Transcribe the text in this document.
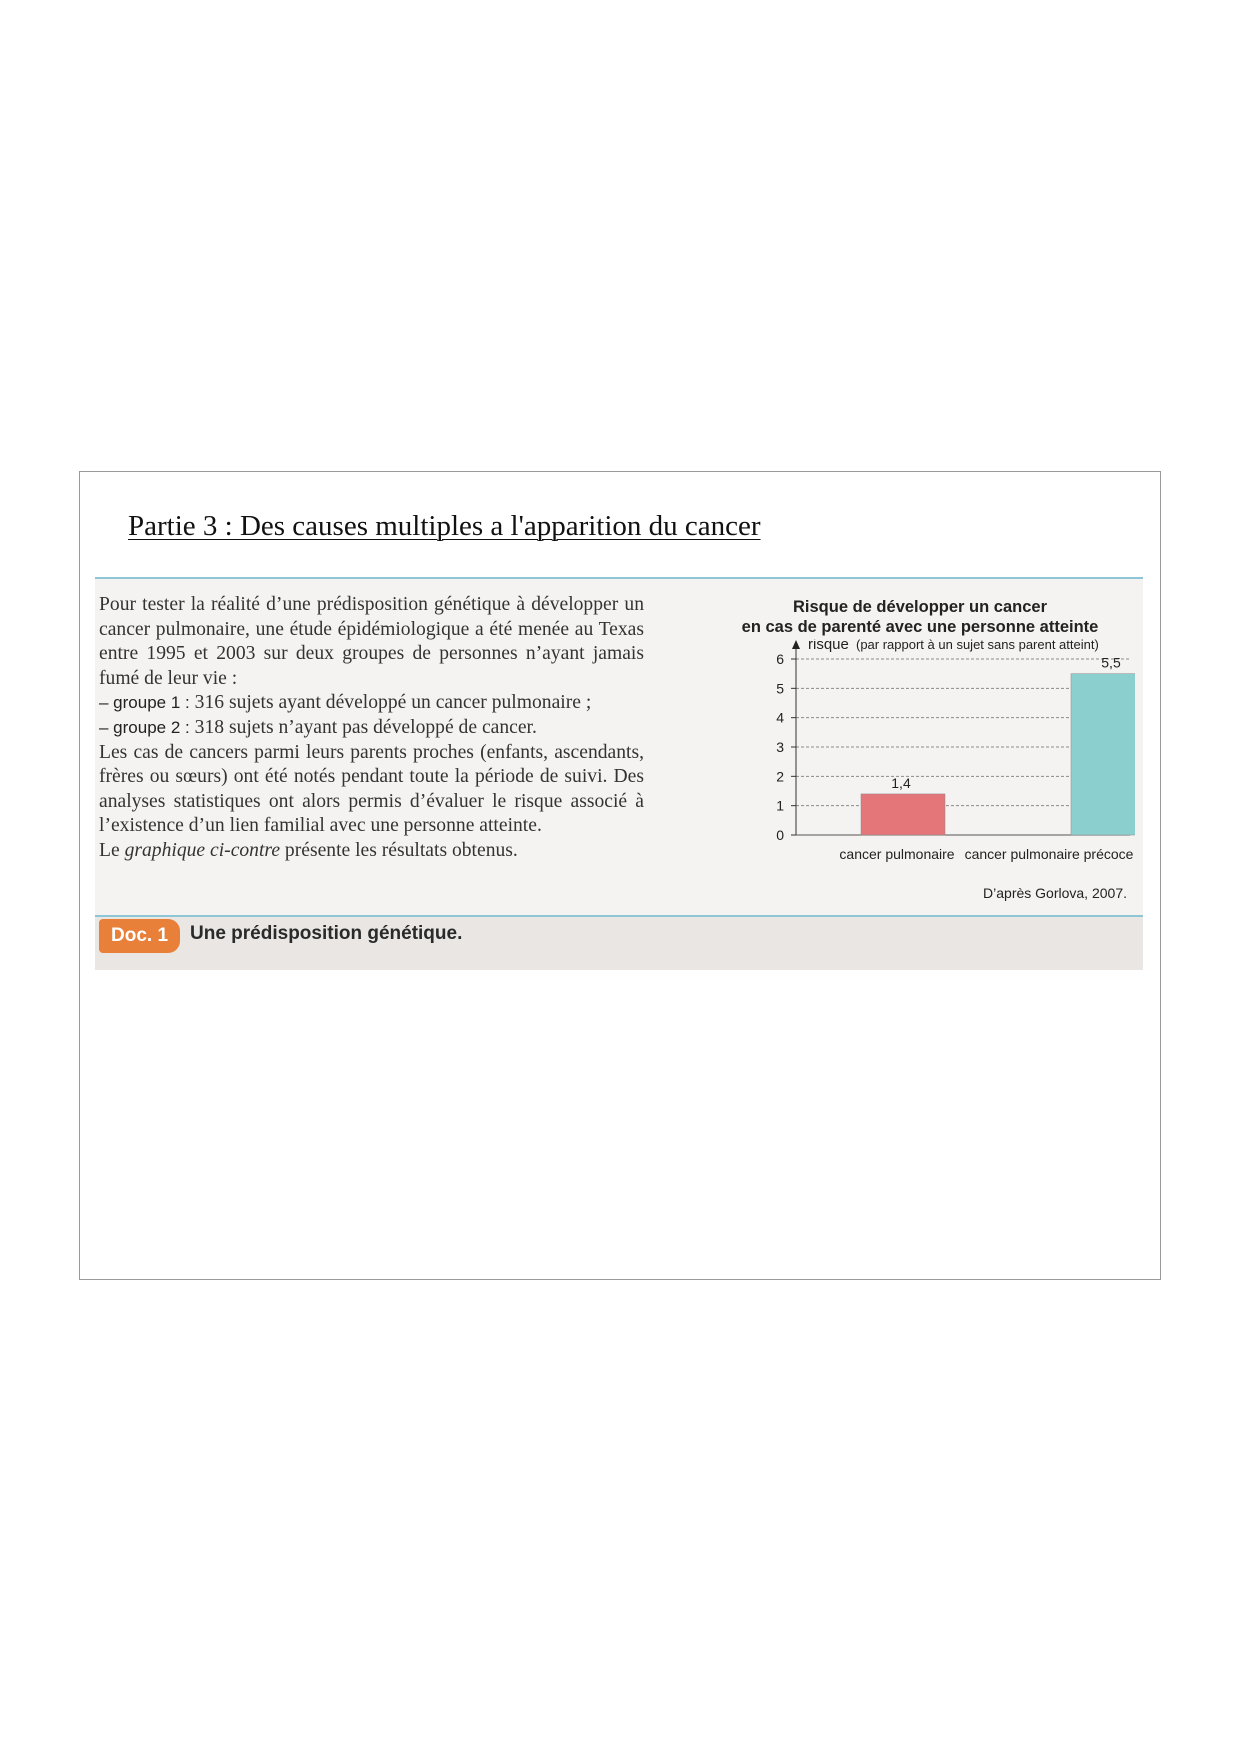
Partie 3 : Des causes multiples a l'apparition du cancer

Pour tester la réalité d’une prédisposition génétique à développer un cancer pulmonaire, une étude épidémiologique a été menée au Texas entre 1995 et 2003 sur deux groupes de personnes n’ayant jamais fumé de leur vie :

– groupe 1 : 316 sujets ayant développé un cancer pulmonaire ;

– groupe 2 : 318 sujets n’ayant pas développé de cancer.

Les cas de cancers parmi leurs parents proches (enfants, ascendants, frères ou sœurs) ont été notés pendant toute la période de suivi. Des analyses statistiques ont alors permis d’évaluer le risque associé à l’existence d’un lien familial avec une personne atteinte.

Le graphique ci-contre présente les résultats obtenus.

Risque de développer un cancer
en cas de parenté avec une personne atteinte
0
1
2
3
4
5
6
risque (par rapport à un sujet sans parent atteint)
1,4
cancer pulmonaire
5,5
cancer pulmonaire précoce
D’après Gorlova, 2007.
Doc. 1	Une prédisposition génétique.
